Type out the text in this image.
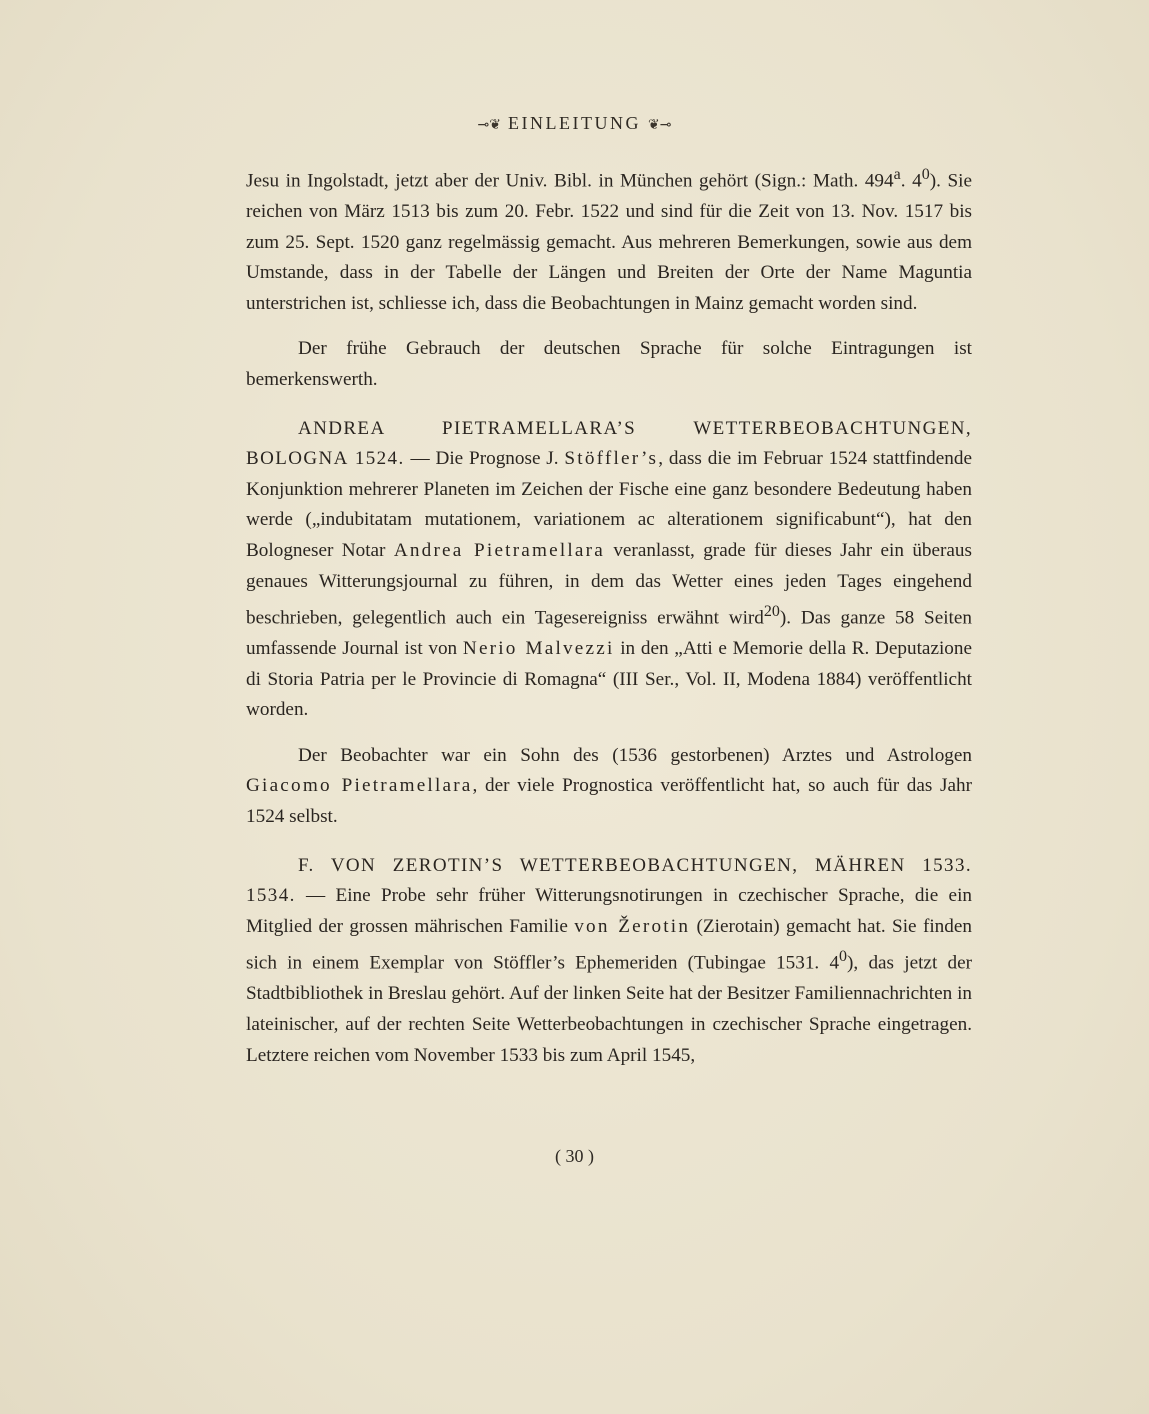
⊸❦ EINLEITUNG ❦⊸

Jesu in Ingolstadt, jetzt aber der Univ. Bibl. in München gehört (Sign.: Math. 494$^a$. $4^0$). Sie reichen von März 1513 bis zum 20. Febr. 1522 und sind für die Zeit von 13. Nov. 1517 bis zum 25. Sept. 1520 ganz regelmässig gemacht. Aus mehreren Bemerkungen, sowie aus dem Umstande, dass in der Tabelle der Längen und Breiten der Orte der Name Maguntia unterstrichen ist, schliesse ich, dass die Beobachtungen in Mainz gemacht worden sind.

Der frühe Gebrauch der deutschen Sprache für solche Eintragungen ist bemerkenswerth.

ANDREA PIETRAMELLARA’S WETTERBEOBACHTUNGEN, BOLOGNA 1524. — Die Prognose J. Stöffler’s, dass die im Februar 1524 stattfindende Konjunktion mehrerer Planeten im Zeichen der Fische eine ganz besondere Bedeutung haben werde („indubitatam mutationem, variationem ac alterationem significabunt“), hat den Bologneser Notar Andrea Pietramellara veranlasst, grade für dieses Jahr ein überaus genaues Witterungsjournal zu führen, in dem das Wetter eines jeden Tages eingehend beschrieben, gelegentlich auch ein Tagesereigniss erwähnt wird$^{20}$). Das ganze 58 Seiten umfassende Journal ist von Nerio Malvezzi in den „Atti e Memorie della R. Deputazione di Storia Patria per le Provincie di Romagna“ (III Ser., Vol. II, Modena 1884) veröffentlicht worden.

Der Beobachter war ein Sohn des (1536 gestorbenen) Arztes und Astrologen Giacomo Pietramellara, der viele Prognostica veröffentlicht hat, so auch für das Jahr 1524 selbst.

F. VON ZEROTIN’S WETTERBEOBACHTUNGEN, MÄHREN 1533. 1534. — Eine Probe sehr früher Witterungsnotirungen in czechischer Sprache, die ein Mitglied der grossen mährischen Familie von Žerotin (Zierotain) gemacht hat. Sie finden sich in einem Exemplar von Stöffler’s Ephemeriden (Tubingae 1531. $4^0$), das jetzt der Stadtbibliothek in Breslau gehört. Auf der linken Seite hat der Besitzer Familiennachrichten in lateinischer, auf der rechten Seite Wetterbeobachtungen in czechischer Sprache eingetragen. Letztere reichen vom November 1533 bis zum April 1545,

( 30 )
